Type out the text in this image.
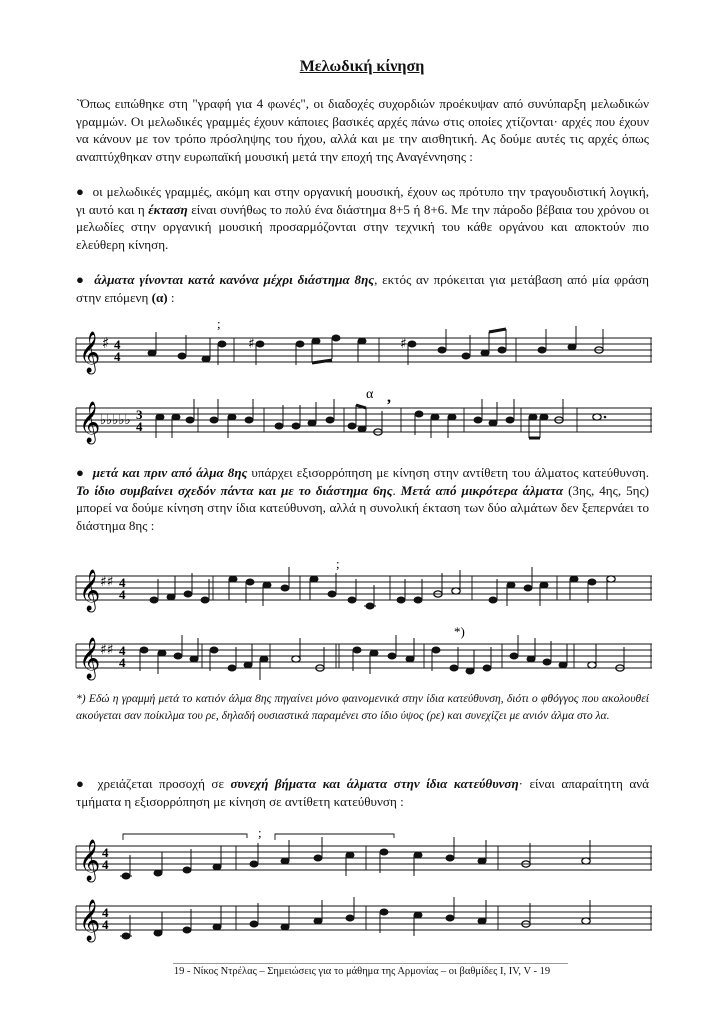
Μελωδική κίνηση
`Όπως ειπώθηκε στη "γραφή για 4 φωνές", οι διαδοχές συχορδιών προέκυψαν από συνύπαρξη μελωδικών γραμμών. Οι μελωδικές γραμμές έχουν κάποιες βασικές αρχές πάνω στις οποίες χτίζονται· αρχές που έχουν να κάνουν με τον τρόπο πρόσληψης του ήχου, αλλά και με την αισθητική. Ας δούμε αυτές τις αρχές όπως αναπτύχθηκαν στην ευρωπαϊκή μουσική μετά την εποχή της Αναγέννησης :
● οι μελωδικές γραμμές, ακόμη και στην οργανική μουσική, έχουν ως πρότυπο την τραγουδιστική λογική, γι αυτό και η έκταση είναι συνήθως το πολύ ένα διάστημα 8+5 ή 8+6. Με την πάροδο βέβαια του χρόνου οι μελωδίες στην οργανική μουσική προσαρμόζονται στην τεχνική του κάθε οργάνου και αποκτούν πιο ελεύθερη κίνηση.
● άλματα γίνονται κατά κανόνα μέχρι διάστημα 8ης, εκτός αν πρόκειται για μετάβαση από μία φράση στην επόμενη (α) :
𝄞 ♯ 4
4
♯	♯
;
𝄞 ♭♭♭♭♭ 3
4
α ,
● μετά και πριν από άλμα 8ης υπάρχει εξισορρόπηση με κίνηση στην αντίθετη του άλματος κατεύθυνση. Το ίδιο συμβαίνει σχεδόν πάντα και με το διάστημα 6ης. Μετά από μικρότερα άλματα (3ης, 4ης, 5ης) μπορεί να δούμε κίνηση στην ίδια κατεύθυνση, αλλά η συνολική έκταση των δύο αλμάτων δεν ξεπερνάει το διάστημα 8ης :
𝄞 ♯♯ 4
4
;
𝄞 ♯♯ 4
4
*)
*) Εδώ η γραμμή μετά το κατιόν άλμα 8ης πηγαίνει μόνο φαινομενικά στην ίδια κατεύθυνση, διότι ο φθόγγος που ακολουθεί ακούγεται σαν ποίκιλμα του ρε, δηλαδή ουσιαστικά παραμένει στο ίδιο ύψος (ρε) και συνεχίζει με ανιόν άλμα στο λα.
● χρειάζεται προσοχή σε συνεχή βήματα και άλματα στην ίδια κατεύθυνση· είναι απαραίτητη ανά τμήματα η εξισορρόπηση με κίνηση σε αντίθετη κατεύθυνση :
𝄞 4
4
;
𝄞 4
4
19 - Νίκος Ντρέλας – Σημειώσεις για το μάθημα της Αρμονίας – οι βαθμίδες I, IV, V - 19
